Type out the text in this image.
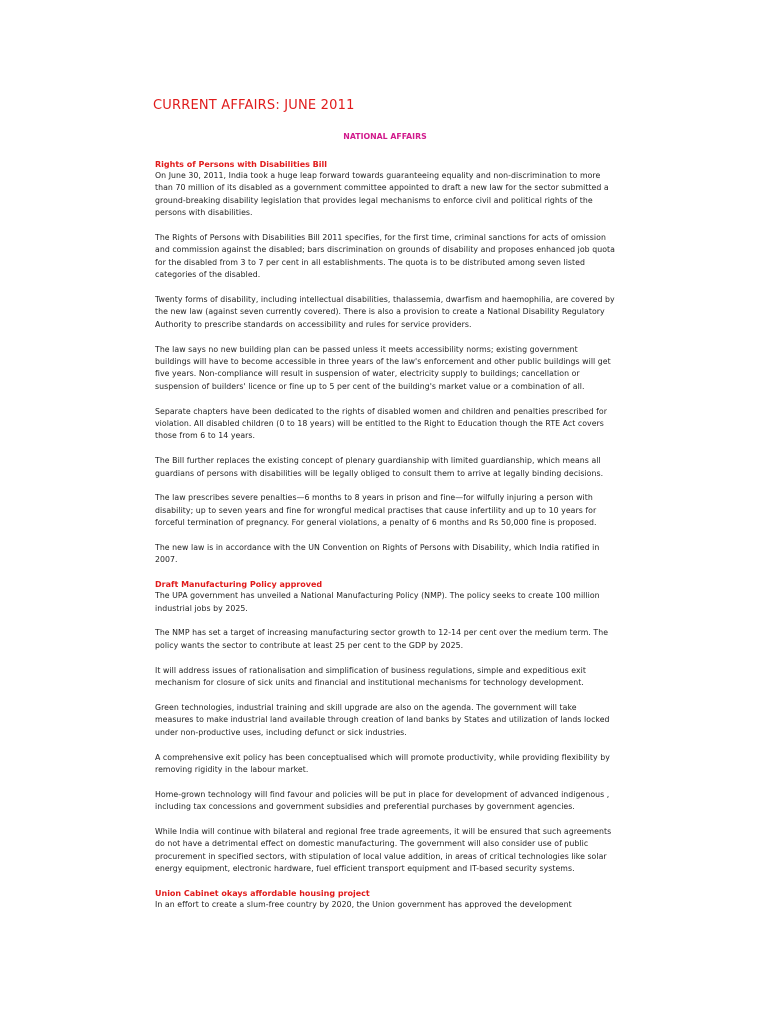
CURRENT AFFAIRS: JUNE 2011
NATIONAL AFFAIRS
Rights of Persons with Disabilities Bill

On June 30, 2011, India took a huge leap forward towards guaranteeing equality and non-discrimination to more than 70 million of its disabled as a government committee appointed to draft a new law for the sector submitted a ground-breaking disability legislation that provides legal mechanisms to enforce civil and political rights of the persons with disabilities.

The Rights of Persons with Disabilities Bill 2011 specifies, for the first time, criminal sanctions for acts of omission and commission against the disabled; bars discrimination on grounds of disability and proposes enhanced job quota for the disabled from 3 to 7 per cent in all establishments. The quota is to be distributed among seven listed categories of the disabled.

Twenty forms of disability, including intellectual disabilities, thalassemia, dwarfism and haemophilia, are covered by the new law (against seven currently covered). There is also a provision to create a National Disability Regulatory Authority to prescribe standards on accessibility and rules for service providers.

The law says no new building plan can be passed unless it meets accessibility norms; existing government buildings will have to become accessible in three years of the law's enforcement and other public buildings will get five years. Non-compliance will result in suspension of water, electricity supply to buildings; cancellation or suspension of builders' licence or fine up to 5 per cent of the building's market value or a combination of all.

Separate chapters have been dedicated to the rights of disabled women and children and penalties prescribed for violation. All disabled children (0 to 18 years) will be entitled to the Right to Education though the RTE Act covers those from 6 to 14 years.

The Bill further replaces the existing concept of plenary guardianship with limited guardianship, which means all guardians of persons with disabilities will be legally obliged to consult them to arrive at legally binding decisions.

The law prescribes severe penalties—6 months to 8 years in prison and fine—for wilfully injuring a person with disability; up to seven years and fine for wrongful medical practises that cause infertility and up to 10 years for forceful termination of pregnancy. For general violations, a penalty of 6 months and Rs 50,000 fine is proposed.

The new law is in accordance with the UN Convention on Rights of Persons with Disability, which India ratified in 2007.

Draft Manufacturing Policy approved

The UPA government has unveiled a National Manufacturing Policy (NMP). The policy seeks to create 100 million industrial jobs by 2025.

The NMP has set a target of increasing manufacturing sector growth to 12-14 per cent over the medium term. The policy wants the sector to contribute at least 25 per cent to the GDP by 2025.

It will address issues of rationalisation and simplification of business regulations, simple and expeditious exit mechanism for closure of sick units and financial and institutional mechanisms for technology development.

Green technologies, industrial training and skill upgrade are also on the agenda. The government will take measures to make industrial land available through creation of land banks by States and utilization of lands locked under non-productive uses, including defunct or sick industries.

A comprehensive exit policy has been conceptualised which will promote productivity, while providing flexibility by removing rigidity in the labour market.

Home-grown technology will find favour and policies will be put in place for development of advanced indigenous , including tax concessions and government subsidies and preferential purchases by government agencies.

While India will continue with bilateral and regional free trade agreements, it will be ensured that such agreements do not have a detrimental effect on domestic manufacturing. The government will also consider use of public procurement in specified sectors, with stipulation of local value addition, in areas of critical technologies like solar energy equipment, electronic hardware, fuel efficient transport equipment and IT-based security systems.

Union Cabinet okays affordable housing project

In an effort to create a slum-free country by 2020, the Union government has approved the development
